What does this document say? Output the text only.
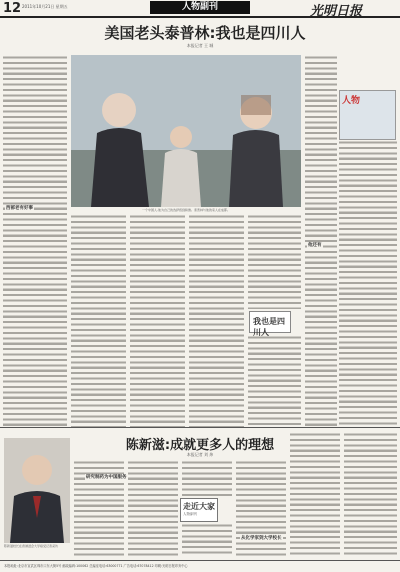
12 2011年10月21日 星期五	人物副刊	光明日报
美国老头泰普林:我也是四川人
本报记者 王 城
西部老有好事
他还有
一个中国人,他为自己的选择感到骄傲。泰普林与他的家人在成都。
人物
我也是四川人
陈新滋:成就更多人的理想
本报记者 刘 炜
陈新滋校长在香港浸会大学接受记者采访
研究制药为中国服务
从化学家到大学校长
走近大家
人物副刊
本报地址:北京市宣武区珠市口东大街5号 邮政编码:100062 总编室电话:63000771 广告电话:67078412 印刷:光明日报印务中心
